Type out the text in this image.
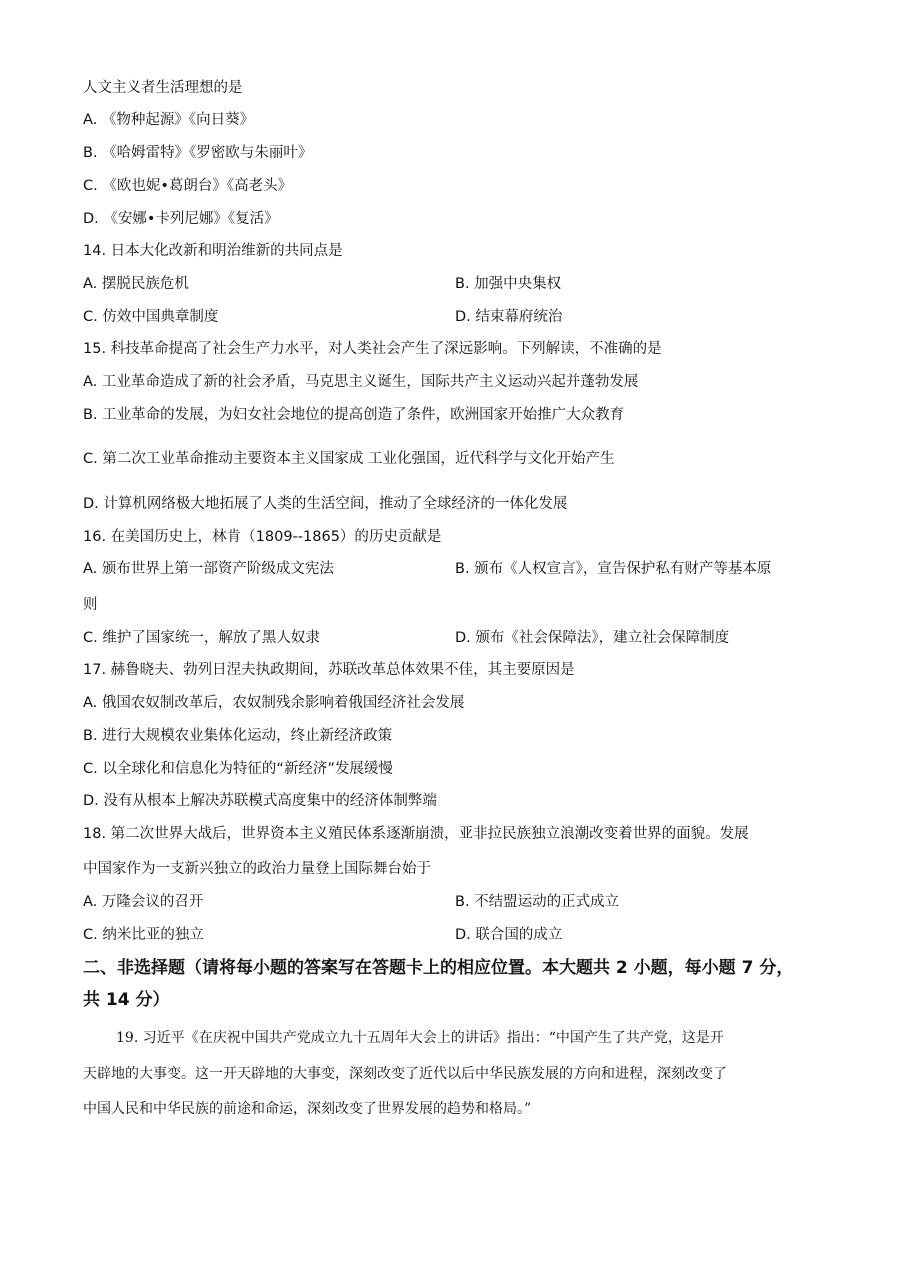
人文主义者生活理想的是
A. 《物种起源》《向日葵》
B. 《哈姆雷特》《罗密欧与朱丽叶》
C. 《欧也妮•葛朗台》《高老头》
D. 《安娜•卡列尼娜》《复活》
14. 日本大化改新和明治维新的共同点是
A. 摆脱民族危机	B. 加强中央集权
C. 仿效中国典章制度	D. 结束幕府统治
15. 科技革命提高了社会生产力水平，对人类社会产生了深远影响。下列解读，不准确的是
A. 工业革命造成了新的社会矛盾，马克思主义诞生，国际共产主义运动兴起并蓬勃发展
B. 工业革命的发展，为妇女社会地位的提高创造了条件，欧洲国家开始推广大众教育
C. 第二次工业革命推动主要资本主义国家成 工业化强国，近代科学与文化开始产生
D. 计算机网络极大地拓展了人类的生活空间，推动了全球经济的一体化发展
16. 在美国历史上，林肯（1809--1865）的历史贡献是
A. 颁布世界上第一部资产阶级成文宪法	B. 颁布《人权宣言》，宣告保护私有财产等基本原
则
C. 维护了国家统一，解放了黑人奴隶	D. 颁布《社会保障法》，建立社会保障制度
17. 赫鲁晓夫、勃列日涅夫执政期间，苏联改革总体效果不佳，其主要原因是
A. 俄国农奴制改革后，农奴制残余影响着俄国经济社会发展
B. 进行大规模农业集体化运动，终止新经济政策
C. 以全球化和信息化为特征的“新经济”发展缓慢
D. 没有从根本上解决苏联模式高度集中的经济体制弊端
18. 第二次世界大战后，世界资本主义殖民体系逐渐崩溃，亚非拉民族独立浪潮改变着世界的面貌。发展
中国家作为一支新兴独立的政治力量登上国际舞台始于
A. 万隆会议的召开	B. 不结盟运动的正式成立
C. 纳米比亚的独立	D. 联合国的成立
二、非选择题（请将每小题的答案写在答题卡上的相应位置。本大题共 2 小题，每小题 7 分，
共 14 分）
19. 习近平《在庆祝中国共产党成立九十五周年大会上的讲话》指出：“中国产生了共产党，这是开
天辟地的大事变。这一开天辟地的大事变，深刻改变了近代以后中华民族发展的方向和进程，深刻改变了
中国人民和中华民族的前途和命运，深刻改变了世界发展的趋势和格局。”
